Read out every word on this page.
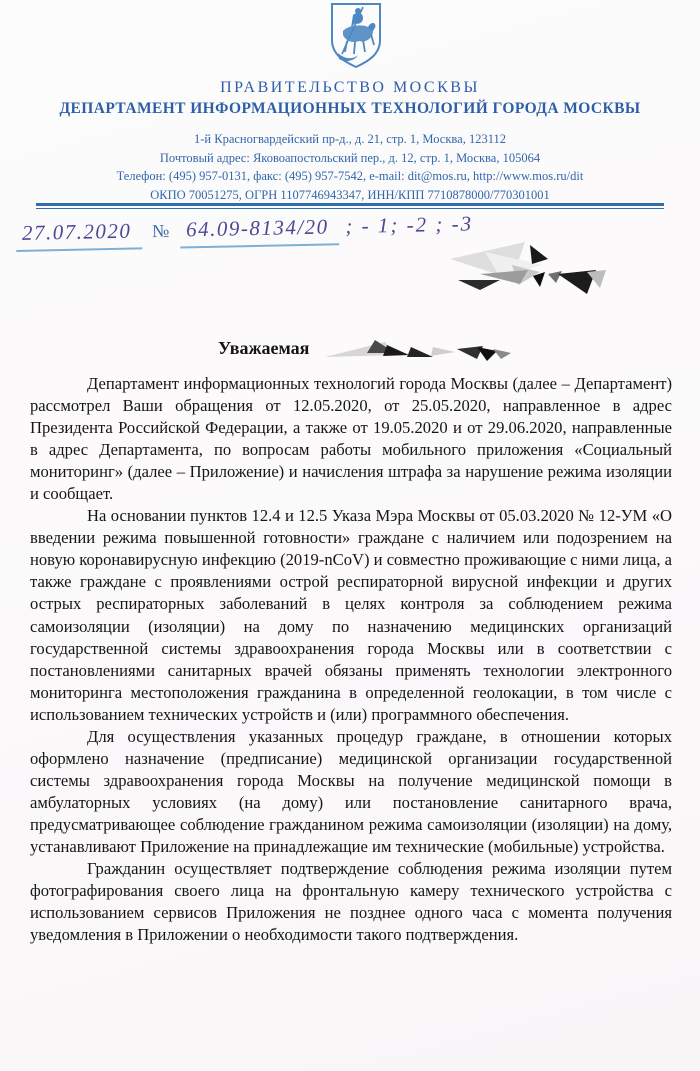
ПРАВИТЕЛЬСТВО МОСКВЫ
ДЕПАРТАМЕНТ ИНФОРМАЦИОННЫХ ТЕХНОЛОГИЙ ГОРОДА МОСКВЫ
1-й Красногвардейский пр-д., д. 21, стр. 1, Москва, 123112
Почтовый адрес: Яковоапостольский пер., д. 12, стр. 1, Москва, 105064
Телефон: (495) 957-0131, факс: (495) 957-7542, e-mail: dit@mos.ru, http://www.mos.ru/dit
ОКПО 70051275, ОГРН 1107746943347, ИНН/КПП 7710878000/770301001
27.07.2020 № 64.09-8134/20 ; - 1; -2 ; -3
Уважаемая

Департамент информационных технологий города Москвы (далее – Департамент) рассмотрел Ваши обращения от 12.05.2020, от 25.05.2020, направленное в адрес Президента Российской Федерации, а также от 19.05.2020 и от 29.06.2020, направленные в адрес Департамента, по вопросам работы мобильного приложения «Социальный мониторинг» (далее – Приложение) и начисления штрафа за нарушение режима изоляции и сообщает.

На основании пунктов 12.4 и 12.5 Указа Мэра Москвы от 05.03.2020 № 12-УМ «О введении режима повышенной готовности» граждане с наличием или подозрением на новую коронавирусную инфекцию (2019-nCoV) и совместно проживающие с ними лица, а также граждане с проявлениями острой респираторной вирусной инфекции и других острых респираторных заболеваний в целях контроля за соблюдением режима самоизоляции (изоляции) на дому по назначению медицинских организаций государственной системы здравоохранения города Москвы или в соответствии с постановлениями санитарных врачей обязаны применять технологии электронного мониторинга местоположения гражданина в определенной геолокации, в том числе с использованием технических устройств и (или) программного обеспечения.

Для осуществления указанных процедур граждане, в отношении которых оформлено назначение (предписание) медицинской организации государственной системы здравоохранения города Москвы на получение медицинской помощи в амбулаторных условиях (на дому) или постановление санитарного врача, предусматривающее соблюдение гражданином режима самоизоляции (изоляции) на дому, устанавливают Приложение на принадлежащие им технические (мобильные) устройства.

Гражданин осуществляет подтверждение соблюдения режима изоляции путем фотографирования своего лица на фронтальную камеру технического устройства с использованием сервисов Приложения не позднее одного часа с момента получения уведомления в Приложении о необходимости такого подтверждения.
